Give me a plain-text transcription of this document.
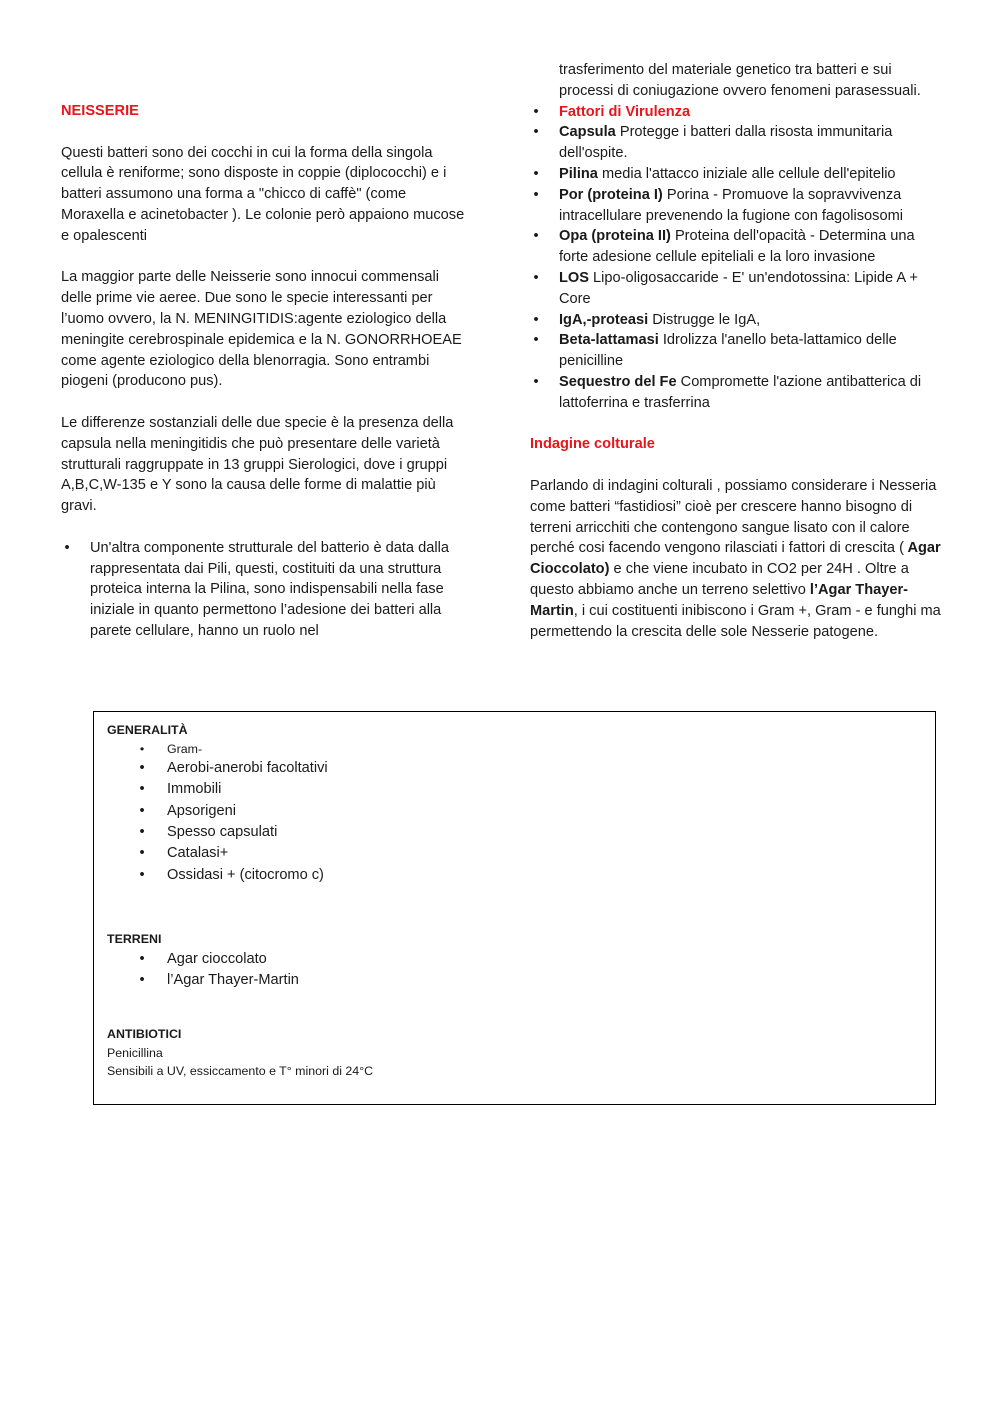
NEISSERIE

Questi batteri sono dei cocchi in cui la forma della singola cellula è reniforme; sono disposte in coppie (diplococchi) e i batteri assumono una forma a "chicco di caffè" (come Moraxella e acinetobacter ). Le colonie però appaiono mucose e opalescenti

La maggior parte delle Neisserie sono innocui commensali delle prime vie aeree. Due sono le specie interessanti per l’uomo ovvero, la N. MENINGITIDIS:agente eziologico della meningite cerebrospinale epidemica e la N. GONORRHOEAE come agente eziologico della blenorragia. Sono entrambi piogeni (producono pus).

Le differenze sostanziali delle due specie è la presenza della capsula nella meningitidis che può presentare delle varietà strutturali raggruppate in 13 gruppi Sierologici, dove i gruppi A,B,C,W-135 e Y sono la causa delle forme di malattie più gravi.

• Un'altra componente strutturale del batterio è data dalla rappresentata dai Pili, questi, costituiti da una struttura proteica interna la Pilina, sono indispensabili nella fase iniziale in quanto permettono l’adesione dei batteri alla parete cellulare, hanno un ruolo nel

trasferimento del materiale genetico tra batteri e sui processi di coniugazione ovvero fenomeni parasessuali.

• Fattori di Virulenza
• Capsula Protegge i batteri dalla risosta immunitaria dell'ospite.
• Pilina media l'attacco iniziale alle cellule dell'epitelio
• Por (proteina I) Porina - Promuove la sopravvivenza intracellulare prevenendo la fugione con fagolisosomi
• Opa (proteina II) Proteina dell'opacità - Determina una forte adesione cellule epiteliali e la loro invasione
• LOS Lipo-oligosaccaride - E' un'endotossina: Lipide A + Core
• IgA,-proteasi Distrugge le IgA,
• Beta-lattamasi Idrolizza l'anello beta-lattamico delle penicilline
• Sequestro del Fe Compromette l'azione antibatterica di lattoferrina e trasferrina
Indagine colturale

Parlando di indagini colturali , possiamo considerare i Nesseria come batteri “fastidiosi” cioè per crescere hanno bisogno di terreni arricchiti che contengono sangue lisato con il calore perché cosi facendo vengono rilasciati i fattori di crescita ( Agar Cioccolato) e che viene incubato in CO2 per 24H . Oltre a questo abbiamo anche un terreno selettivo l’Agar Thayer-Martin, i cui costituenti inibiscono i Gram +, Gram - e funghi ma permettendo la crescita delle sole Nesserie patogene.

GENERALITÀ
• Gram-
• Aerobi-anerobi facoltativi
• Immobili
• Apsorigeni
• Spesso capsulati
• Catalasi+
• Ossidasi + (citocromo c)
TERRENI
• Agar cioccolato
• l’Agar Thayer-Martin
ANTIBIOTICI
Penicillina
Sensibili a UV, essiccamento e T° minori di 24°C
